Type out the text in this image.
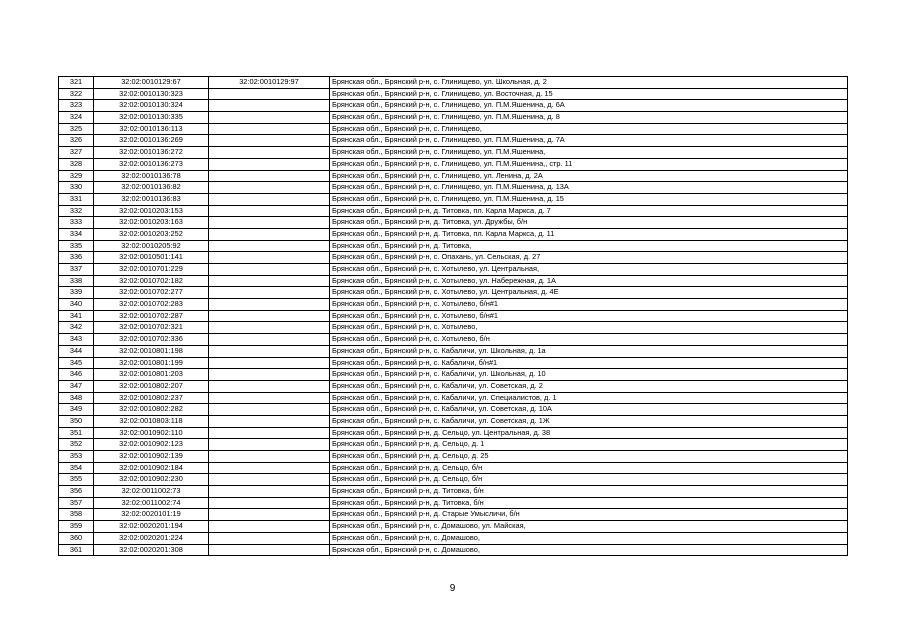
321	32:02:0010129:67	32:02:0010129:97	Брянская обл., Брянский р-н, с. Глинищево, ул. Школьная, д. 2
322	32:02:0010130:323		Брянская обл., Брянский р-н, с. Глинищево, ул. Восточная, д. 15
323	32:02:0010130:324		Брянская обл., Брянский р-н, с. Глинищево, ул. П.М.Яшенина, д. 6А
324	32:02:0010130:335		Брянская обл., Брянский р-н, с. Глинищево, ул. П.М.Яшенина, д. 8
325	32:02:0010136:113		Брянская обл., Брянский р-н, с. Глинищево,
326	32:02:0010136:269		Брянская обл., Брянский р-н, с. Глинищево, ул. П.М.Яшенина, д. 7А
327	32:02:0010136:272		Брянская обл., Брянский р-н, с. Глинищево, ул. П.М.Яшенина,
328	32:02:0010136:273		Брянская обл., Брянский р-н, с. Глинищево, ул. П.М.Яшенина,, стр. 11
329	32:02:0010136:78		Брянская обл., Брянский р-н, с. Глинищево, ул. Ленина, д. 2А
330	32:02:0010136:82		Брянская обл., Брянский р-н, с. Глинищево, ул. П.М.Яшенина, д. 13А
331	32:02:0010136:83		Брянская обл., Брянский р-н, с. Глинищево, ул. П.М.Яшенина, д. 15
332	32:02:0010203:153		Брянская обл., Брянский р-н, д. Титовка, пл. Карла Маркса, д. 7
333	32:02:0010203:163		Брянская обл., Брянский р-н, д. Титовка, ул. Дружбы, б/н
334	32:02:0010203:252		Брянская обл., Брянский р-н, д. Титовка, пл. Карла Маркса, д. 11
335	32:02:0010205:92		Брянская обл., Брянский р-н, д. Титовка,
336	32:02:0010501:141		Брянская обл., Брянский р-н, с. Опахань, ул. Сельская, д. 27
337	32:02:0010701:229		Брянская обл., Брянский р-н, с. Хотылево, ул. Центральная,
338	32:02:0010702:182		Брянская обл., Брянский р-н, с. Хотылево, ул. Набережная, д. 1А
339	32:02:0010702:277		Брянская обл., Брянский р-н, с. Хотылево, ул. Центральная, д. 4Е
340	32:02:0010702:283		Брянская обл., Брянский р-н, с. Хотылево, б/н#1
341	32:02:0010702:287		Брянская обл., Брянский р-н, с. Хотылево, б/н#1
342	32:02:0010702:321		Брянская обл., Брянский р-н, с. Хотылево,
343	32:02:0010702:336		Брянская обл., Брянский р-н, с. Хотылево, б/н
344	32:02:0010801:198		Брянская обл., Брянский р-н, с. Кабаличи, ул. Школьная, д. 1а
345	32:02:0010801:199		Брянская обл., Брянский р-н, с. Кабаличи, б/н#1
346	32:02:0010801:203		Брянская обл., Брянский р-н, с. Кабаличи, ул. Школьная, д. 10
347	32:02:0010802:207		Брянская обл., Брянский р-н, с. Кабаличи, ул. Советская, д. 2
348	32:02:0010802:237		Брянская обл., Брянский р-н, с. Кабаличи, ул. Специалистов, д. 1
349	32:02:0010802:282		Брянская обл., Брянский р-н, с. Кабаличи, ул. Советская, д. 10А
350	32:02:0010803:118		Брянская обл., Брянский р-н, с. Кабаличи, ул. Советская, д. 1Ж
351	32:02:0010902:110		Брянская обл., Брянский р-н, д. Сельцо, ул. Центральная, д. 38
352	32:02:0010902:123		Брянская обл., Брянский р-н, д. Сельцо, д. 1
353	32:02:0010902:139		Брянская обл., Брянский р-н, д. Сельцо, д. 25
354	32:02:0010902:184		Брянская обл., Брянский р-н, д. Сельцо, б/н
355	32:02:0010902:230		Брянская обл., Брянский р-н, д. Сельцо, б/н
356	32:02:0011002:73		Брянская обл., Брянский р-н, д. Титовка, б/н
357	32:02:0011002:74		Брянская обл., Брянский р-н, д. Титовка, б/н
358	32:02:0020101:19		Брянская обл., Брянский р-н, д. Старые Умысличи, б/н
359	32:02:0020201:194		Брянская обл., Брянский р-н, с. Домашово, ул. Майская,
360	32:02:0020201:224		Брянская обл., Брянский р-н, с. Домашово,
361	32:02:0020201:308		Брянская обл., Брянский р-н, с. Домашово,
9
